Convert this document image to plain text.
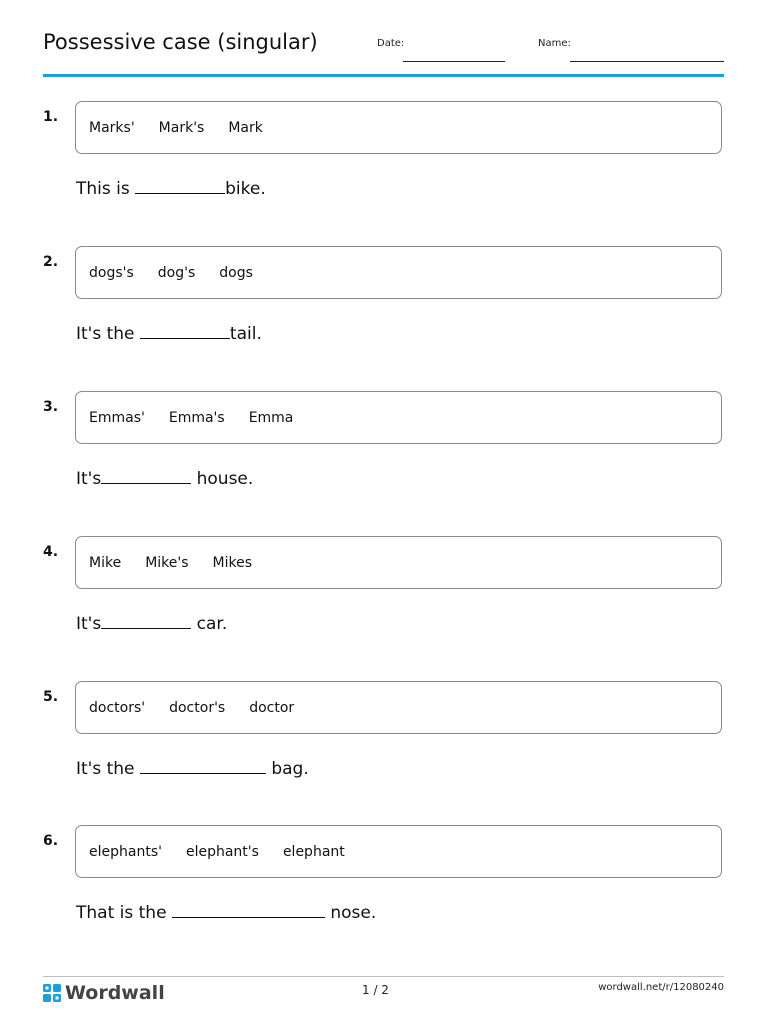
Possessive case (singular)	Date:	Name:
1.
Marks' Mark's Mark
This is	bike.
2.
dogs's dog's dogs
It's the	tail.
3.
Emmas' Emma's Emma
It's	house.
4.
Mike Mike's Mikes
It's	car.
5.
doctors' doctor's doctor
It's the	bag.
6.
elephants' elephant's elephant
That is the	nose.
Wordwall	1 / 2	wordwall.net/r/12080240
